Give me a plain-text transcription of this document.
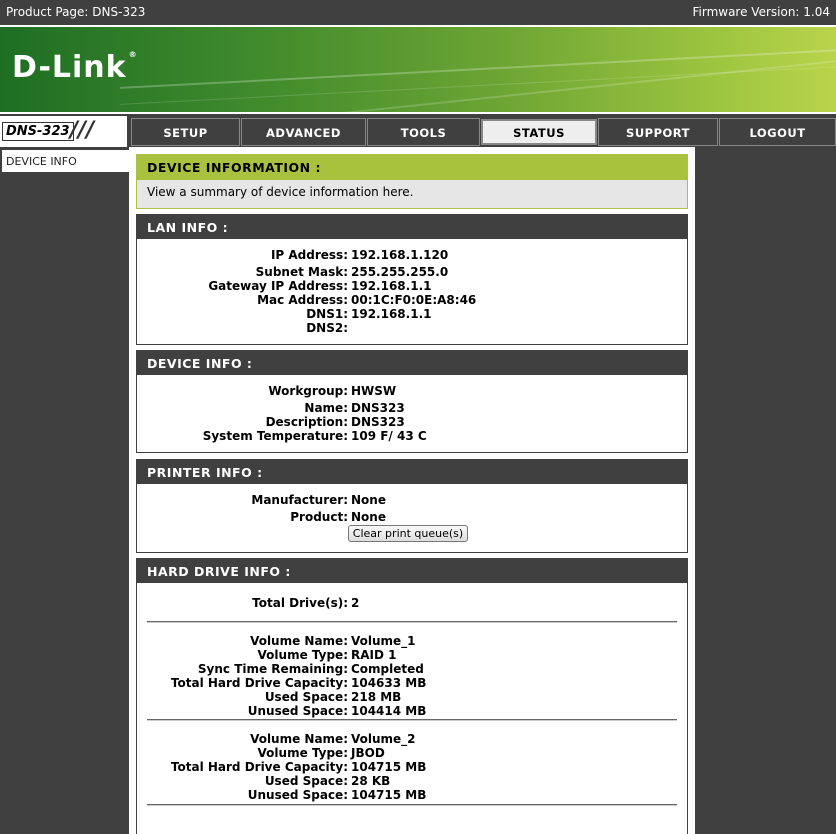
Product Page: DNS-323	Firmware Version: 1.04
D-Link ®
DNS-323 ///	SETUP	ADVANCED	TOOLS	STATUS	SUPPORT	LOGOUT
DEVICE INFO	DEVICE INFORMATION :
View a summary of device information here.
LAN INFO :
IP Address: 192.168.1.120
Subnet Mask: 255.255.255.0
Gateway IP Address: 192.168.1.1
Mac Address: 00:1C:F0:0E:A8:46
DNS1: 192.168.1.1
DNS2:
DEVICE INFO :
Workgroup: HWSW
Name: DNS323
Description: DNS323
System Temperature: 109 F/ 43 C
PRINTER INFO :
Manufacturer: None
Product: None
Clear print queue(s)
HARD DRIVE INFO :
Total Drive(s): 2
Volume Name: Volume_1
Volume Type: RAID 1
Sync Time Remaining: Completed
Total Hard Drive Capacity: 104633 MB
Used Space: 218 MB
Unused Space: 104414 MB
Volume Name: Volume_2
Volume Type: JBOD
Total Hard Drive Capacity: 104715 MB
Used Space: 28 KB
Unused Space: 104715 MB
